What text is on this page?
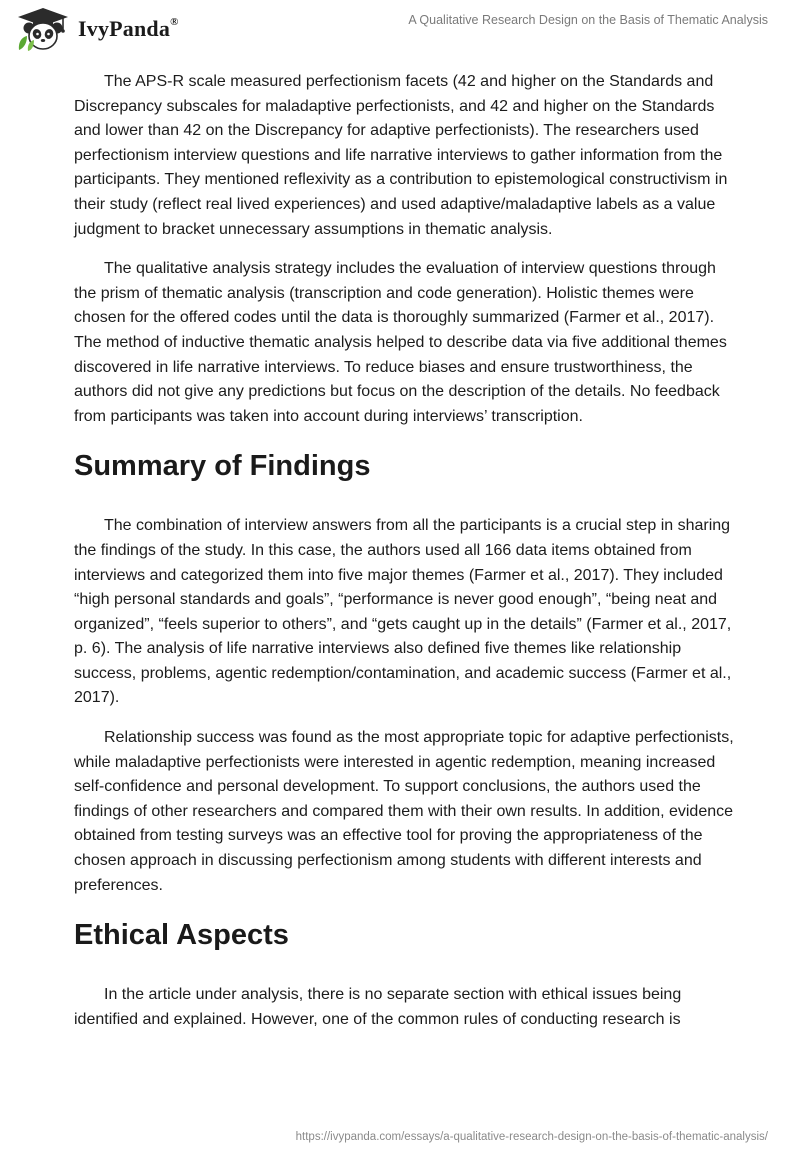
IvyPanda®	A Qualitative Research Design on the Basis of Thematic Analysis

The APS-R scale measured perfectionism facets (42 and higher on the Standards and Discrepancy subscales for maladaptive perfectionists, and 42 and higher on the Standards and lower than 42 on the Discrepancy for adaptive perfectionists). The researchers used perfectionism interview questions and life narrative interviews to gather information from the participants. They mentioned reflexivity as a contribution to epistemological constructivism in their study (reflect real lived experiences) and used adaptive/maladaptive labels as a value judgment to bracket unnecessary assumptions in thematic analysis.

The qualitative analysis strategy includes the evaluation of interview questions through the prism of thematic analysis (transcription and code generation). Holistic themes were chosen for the offered codes until the data is thoroughly summarized (Farmer et al., 2017). The method of inductive thematic analysis helped to describe data via five additional themes discovered in life narrative interviews. To reduce biases and ensure trustworthiness, the authors did not give any predictions but focus on the description of the details. No feedback from participants was taken into account during interviews’ transcription.

Summary of Findings

The combination of interview answers from all the participants is a crucial step in sharing the findings of the study. In this case, the authors used all 166 data items obtained from interviews and categorized them into five major themes (Farmer et al., 2017). They included “high personal standards and goals”, “performance is never good enough”, “being neat and organized”, “feels superior to others”, and “gets caught up in the details” (Farmer et al., 2017, p. 6). The analysis of life narrative interviews also defined five themes like relationship success, problems, agentic redemption/contamination, and academic success (Farmer et al., 2017).

Relationship success was found as the most appropriate topic for adaptive perfectionists, while maladaptive perfectionists were interested in agentic redemption, meaning increased self-confidence and personal development. To support conclusions, the authors used the findings of other researchers and compared them with their own results. In addition, evidence obtained from testing surveys was an effective tool for proving the appropriateness of the chosen approach in discussing perfectionism among students with different interests and preferences.

Ethical Aspects

In the article under analysis, there is no separate section with ethical issues being identified and explained. However, one of the common rules of conducting research is

https://ivypanda.com/essays/a-qualitative-research-design-on-the-basis-of-thematic-analysis/
